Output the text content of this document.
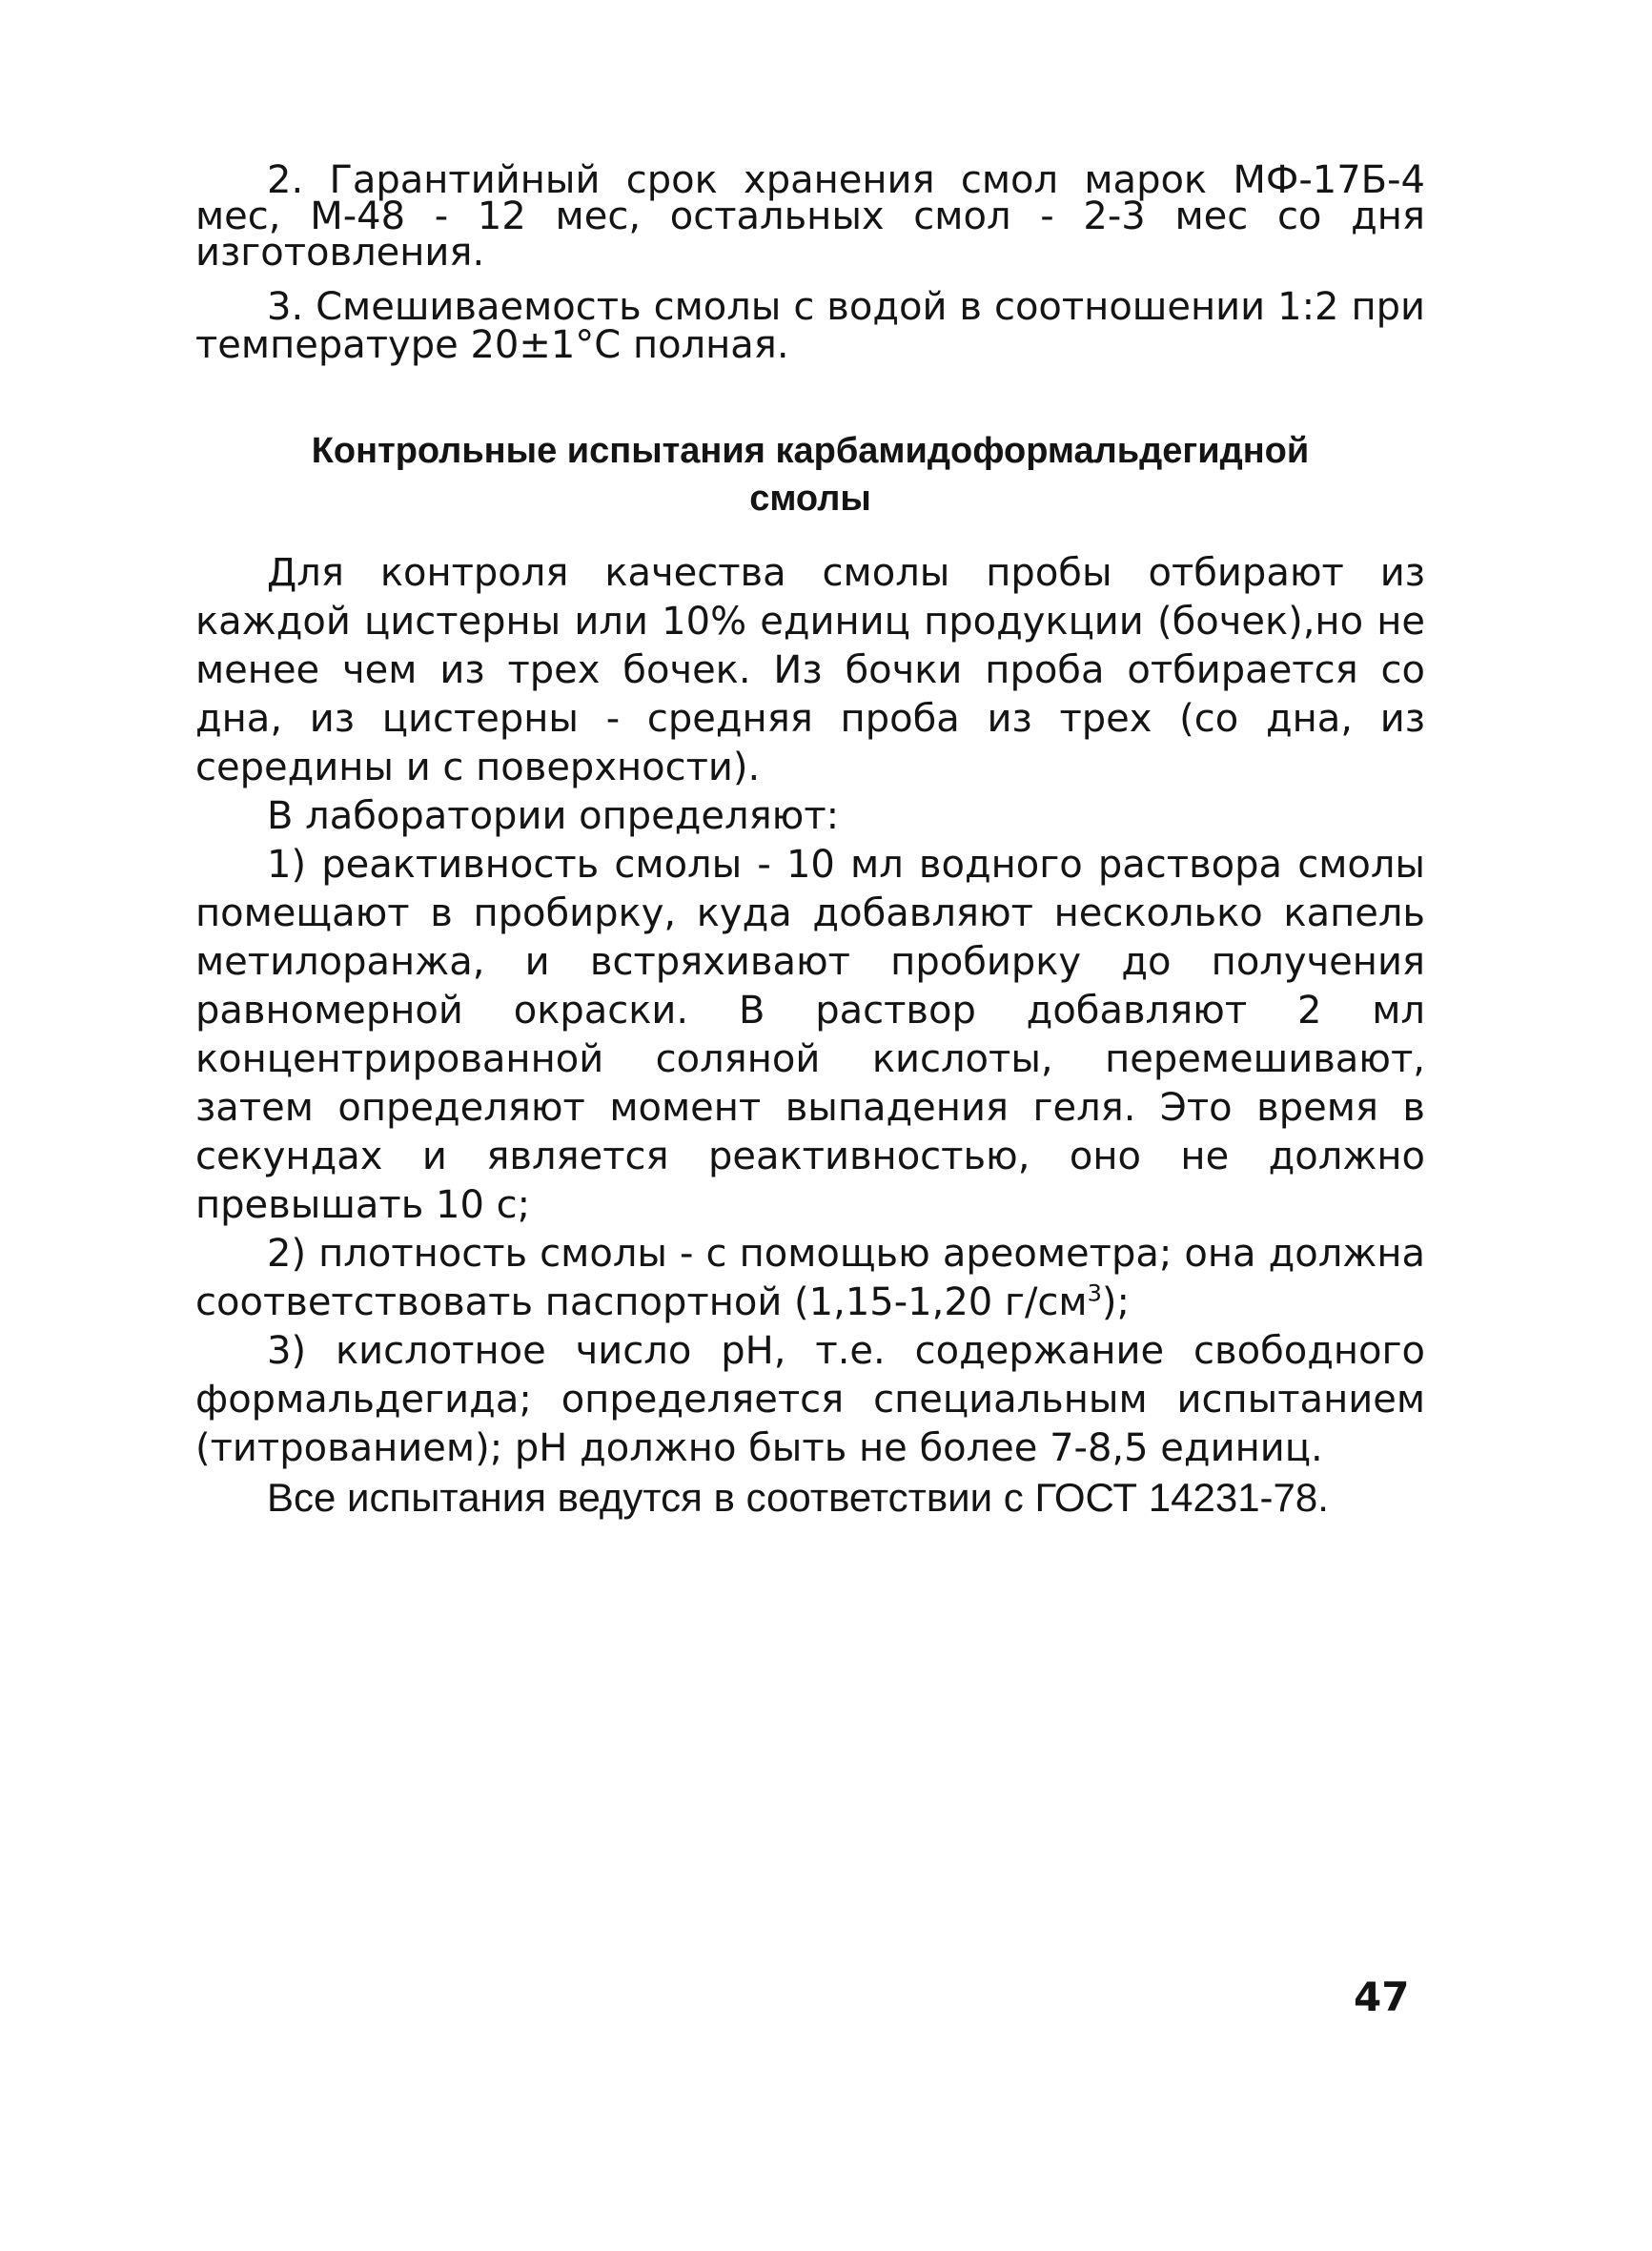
2. Гарантийный срок хранения смол марок МФ-17Б-4 мес, М-48 - 12 мес, остальных смол - 2-3 мес со дня изготовления.

3. Смешиваемость смолы с водой в соотношении 1:2 при температуре 20±1°С полная.

Контрольные испытания карбамидоформальдегидной
смолы

Для контроля качества смолы пробы отбирают из каждой цистерны или 10% единиц продукции (бочек),но не менее чем из трех бочек. Из бочки проба отбирается со дна, из цистерны - средняя проба из трех (со дна, из середины и с поверхности).

В лаборатории определяют:

1) реактивность смолы - 10 мл водного раствора смолы помещают в пробирку, куда добавляют несколько капель метилоранжа, и встряхивают пробирку до получения равномерной окраски. В раствор добавляют 2 мл концентрированной соляной кислоты, перемешивают, затем определяют момент выпадения геля. Это время в секундах и является реактивностью, оно не должно превышать 10 с;

2) плотность смолы - с помощью ареометра; она должна соответствовать паспортной (1,15-1,20 $г/см^3$);

3) кислотное число рН, т.е. содержание свободного формальдегида; определяется специальным испытанием (титрованием); рН должно быть не более 7-8,5 единиц.

Все испытания ведутся в соответствии с ГОСТ 14231-78.

47
